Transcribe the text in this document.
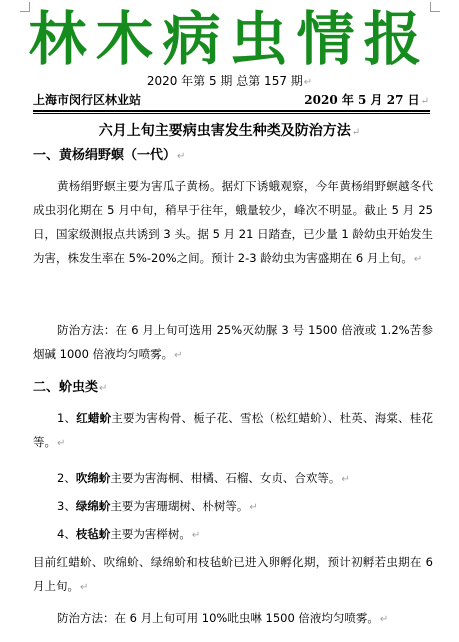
林木病虫情报
2020 年第 5 期 总第 157 期↵
上海市闵行区林业站	2020 年 5 月 27 日↵
六月上旬主要病虫害发生种类及防治方法↵
一、黄杨绢野螟（一代）↵
黄杨绢野螟主要为害瓜子黄杨。据灯下诱蛾观察，今年黄杨绢野螟越冬代成虫羽化期在 5 月中旬，稍早于往年，蛾量较少，峰次不明显。截止 5 月 25 日，国家级测报点共诱到 3 头。据 5 月 21 日踏查，已少量 1 龄幼虫开始发生为害，株发生率在 5%-20%之间。预计 2-3 龄幼虫为害盛期在 6 月上旬。↵
防治方法：在 6 月上旬可选用 25%灭幼脲 3 号 1500 倍液或 1.2%苦参烟碱 1000 倍液均匀喷雾。↵
二、蚧虫类↵
1、红蜡蚧主要为害构骨、栀子花、雪松（松红蜡蚧）、杜英、海棠、桂花等。↵
2、吹绵蚧主要为害海桐、柑橘、石榴、女贞、合欢等。↵
3、绿绵蚧主要为害珊瑚树、朴树等。↵
4、枝毡蚧主要为害榉树。↵
目前红蜡蚧、吹绵蚧、绿绵蚧和枝毡蚧已进入卵孵化期，预计初孵若虫期在 6 月上旬。↵
防治方法：在 6 月上旬可用 10%吡虫啉 1500 倍液均匀喷雾。↵
